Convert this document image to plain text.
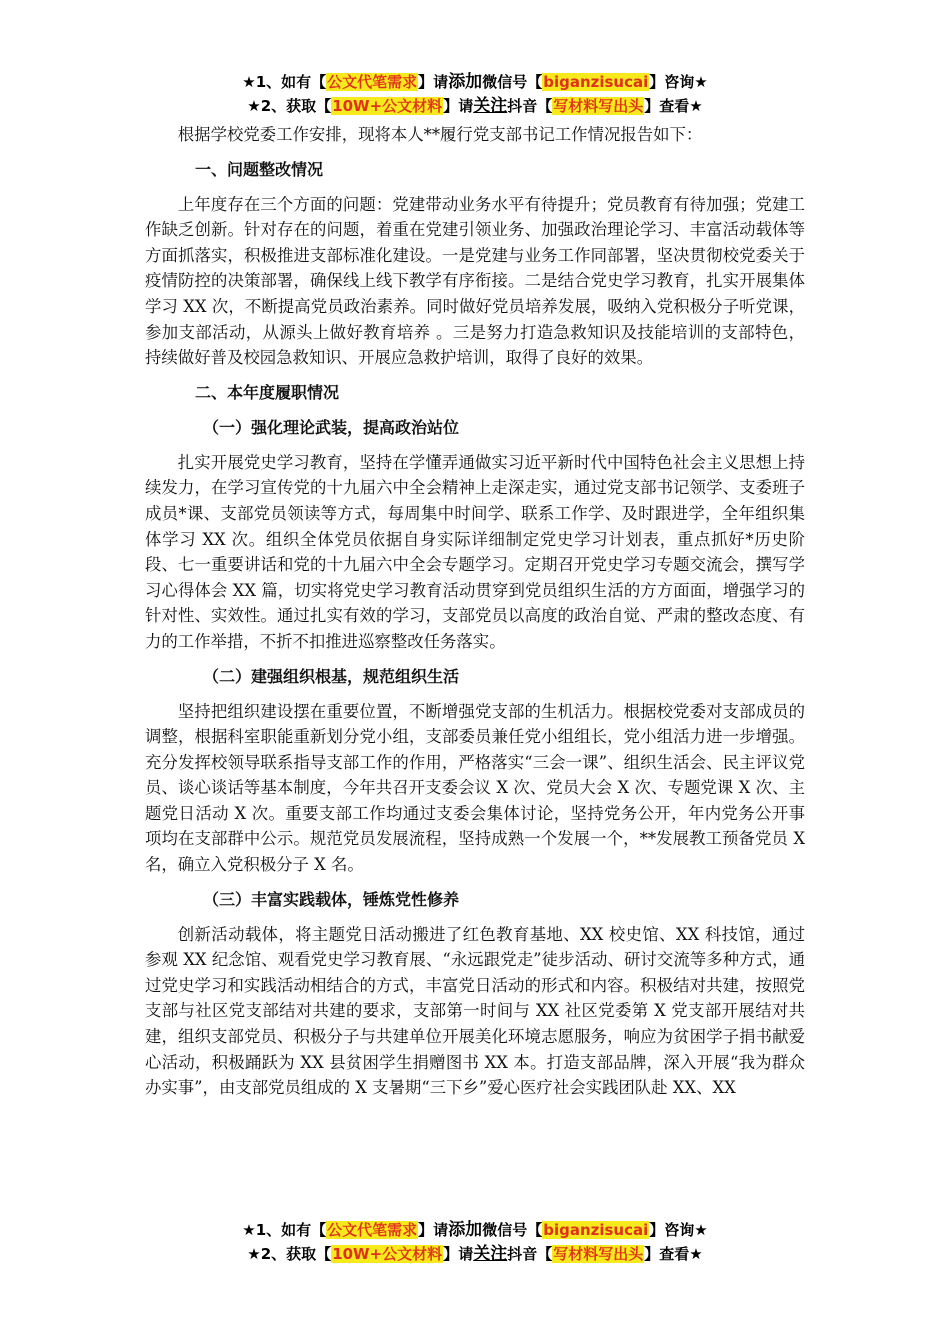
★1、如有【公文代笔需求】请添加微信号【biganzisucai】咨询★
★2、获取【10W+公文材料】请关注抖音【写材料写出头】查看★

根据学校党委工作安排，现将本人**履行党支部书记工作情况报告如下：

一、问题整改情况

上年度存在三个方面的问题：党建带动业务水平有待提升；党员教育有待加强；党建工作缺乏创新。针对存在的问题，着重在党建引领业务、加强政治理论学习、丰富活动载体等方面抓落实，积极推进支部标准化建设。一是党建与业务工作同部署，坚决贯彻校党委关于疫情防控的决策部署，确保线上线下教学有序衔接。二是结合党史学习教育，扎实开展集体学习 XX 次，不断提高党员政治素养。同时做好党员培养发展，吸纳入党积极分子听党课，参加支部活动，从源头上做好教育培养 。三是努力打造急救知识及技能培训的支部特色，持续做好普及校园急救知识、开展应急救护培训，取得了良好的效果。

二、本年度履职情况
（一）强化理论武装，提高政治站位

扎实开展党史学习教育，坚持在学懂弄通做实习近平新时代中国特色社会主义思想上持续发力，在学习宣传党的十九届六中全会精神上走深走实，通过党支部书记领学、支委班子成员*课、支部党员领读等方式，每周集中时间学、联系工作学、及时跟进学，全年组织集体学习 XX 次。组织全体党员依据自身实际详细制定党史学习计划表，重点抓好*历史阶段、七一重要讲话和党的十九届六中全会专题学习。定期召开党史学习专题交流会，撰写学习心得体会 XX 篇，切实将党史学习教育活动贯穿到党员组织生活的方方面面，增强学习的针对性、实效性。通过扎实有效的学习，支部党员以高度的政治自觉、严肃的整改态度、有力的工作举措，不折不扣推进巡察整改任务落实。

（二）建强组织根基，规范组织生活

坚持把组织建设摆在重要位置，不断增强党支部的生机活力。根据校党委对支部成员的调整，根据科室职能重新划分党小组，支部委员兼任党小组组长，党小组活力进一步增强。充分发挥校领导联系指导支部工作的作用，严格落实“三会一课”、组织生活会、民主评议党员、谈心谈话等基本制度，今年共召开支委会议 X 次、党员大会 X 次、专题党课 X 次、主题党日活动 X 次。重要支部工作均通过支委会集体讨论，坚持党务公开，年内党务公开事项均在支部群中公示。规范党员发展流程，坚持成熟一个发展一个，**发展教工预备党员 X 名，确立入党积极分子 X 名。

（三）丰富实践载体，锤炼党性修养

创新活动载体，将主题党日活动搬进了红色教育基地、XX 校史馆、XX 科技馆，通过参观 XX 纪念馆、观看党史学习教育展、“永远跟党走”徒步活动、研讨交流等多种方式，通过党史学习和实践活动相结合的方式，丰富党日活动的形式和内容。积极结对共建，按照党支部与社区党支部结对共建的要求，支部第一时间与 XX 社区党委第 X 党支部开展结对共建，组织支部党员、积极分子与共建单位开展美化环境志愿服务，响应为贫困学子捐书献爱心活动，积极踊跃为 XX 县贫困学生捐赠图书 XX 本。打造支部品牌，深入开展“我为群众办实事”，由支部党员组成的 X 支暑期“三下乡”爱心医疗社会实践团队赴 XX、XX

★1、如有【公文代笔需求】请添加微信号【biganzisucai】咨询★
★2、获取【10W+公文材料】请关注抖音【写材料写出头】查看★
